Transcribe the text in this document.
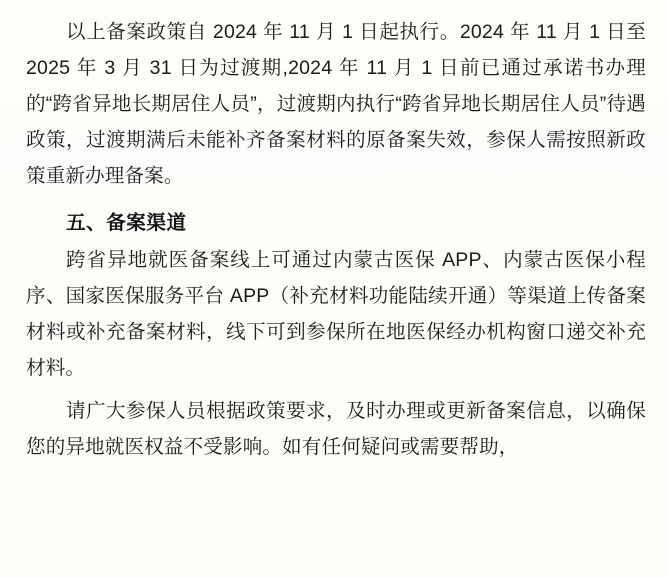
以上备案政策自 2024 年 11 月 1 日起执行。2024 年 11 月 1 日至 2025 年 3 月 31 日为过渡期,2024 年 11 月 1 日前已通过承诺书办理的“跨省异地长期居住人员”，过渡期内执行“跨省异地长期居住人员”待遇政策，过渡期满后未能补齐备案材料的原备案失效，参保人需按照新政策重新办理备案。

五、备案渠道

跨省异地就医备案线上可通过内蒙古医保 APP、内蒙古医保小程序、国家医保服务平台 APP（补充材料功能陆续开通）等渠道上传备案材料或补充备案材料，线下可到参保所在地医保经办机构窗口递交补充材料。

请广大参保人员根据政策要求，及时办理或更新备案信息，以确保您的异地就医权益不受影响。如有任何疑问或需要帮助，
